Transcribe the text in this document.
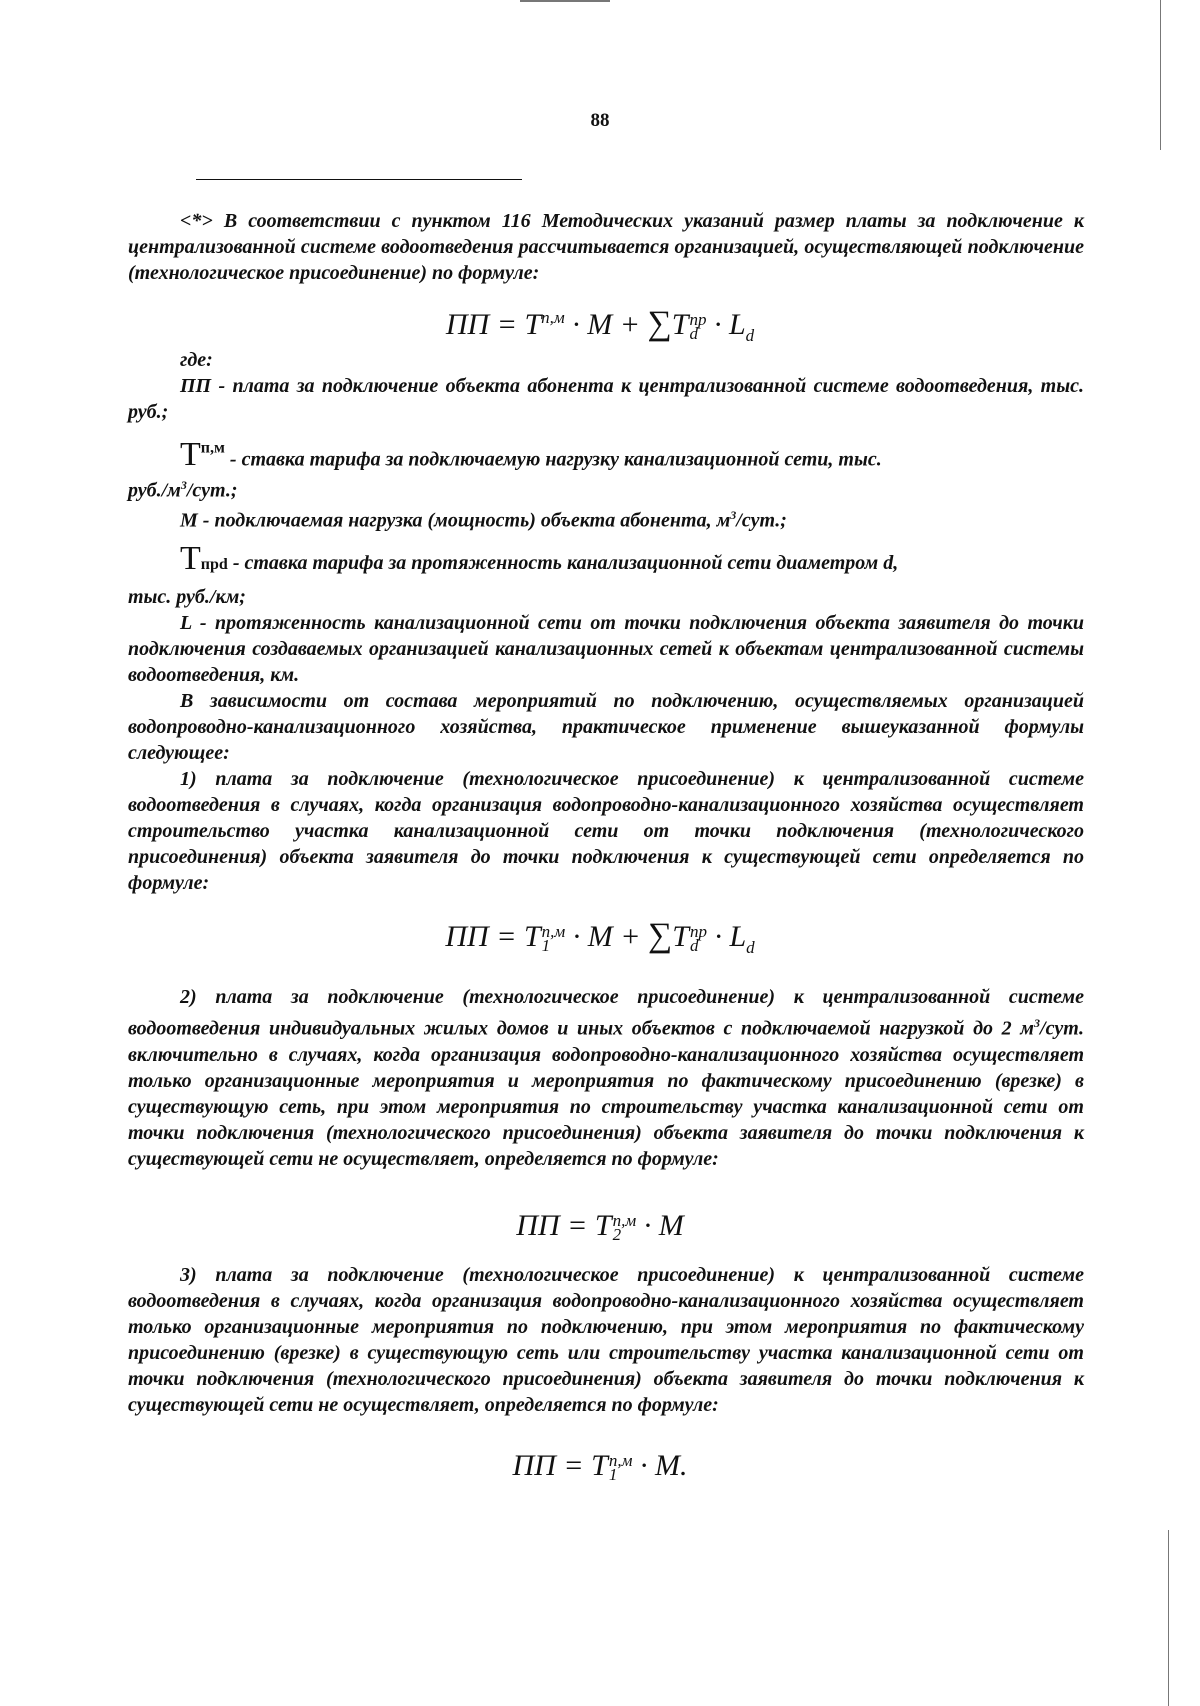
88
<*> В соответствии с пунктом 116 Методических указаний размер платы за подключение к централизованной системе водоотведения рассчитывается организацией, осуществляющей подключение (технологическое присоединение) по формуле:
ПП = $T^{п,м} \cdot M + \sum T$ пр
$d \cdot L_d$
где:
ПП - плата за подключение объекта абонента к централизованной системе водоотведения, тыс. руб.;
$Т^{п,м}$ - ставка тарифа за подключаемую нагрузку канализационной сети, тыс.
$руб./м^3$/сут.;
М - подключаемая нагрузка (мощность) объекта абонента, $м^3$/сут.;
Тпрd - ставка тарифа за протяженность канализационной сети диаметром d,
тыс. руб./км;
L - протяженность канализационной сети от точки подключения объекта заявителя до точки подключения создаваемых организацией канализационных сетей к объектам централизованной системы водоотведения, км.
В зависимости от состава мероприятий по подключению, осуществляемых организацией водопроводно-канализационного хозяйства, практическое применение вышеуказанной формулы следующее:
1) плата за подключение (технологическое присоединение) к централизованной системе водоотведения в случаях, когда организация водопроводно-канализационного хозяйства осуществляет строительство участка канализационной сети от точки подключения (технологического присоединения) объекта заявителя до точки подключения к существующей сети определяется по формуле:
ПП = T п,м
1 · M + ∑T пр
$d \cdot L_d$
2) плата за подключение (технологическое присоединение) к централизованной системе водоотведения индивидуальных жилых домов и иных объектов с подключаемой нагрузкой до 2 $м^3$/сут. включительно в случаях, когда организация водопроводно-канализационного хозяйства осуществляет только организационные мероприятия и мероприятия по фактическому присоединению (врезке) в существующую сеть, при этом мероприятия по строительству участка канализационной сети от точки подключения (технологического присоединения) объекта заявителя до точки подключения к существующей сети не осуществляет, определяется по формуле:
ПП = T п,м
2 · M
3) плата за подключение (технологическое присоединение) к централизованной системе водоотведения в случаях, когда организация водопроводно-канализационного хозяйства осуществляет только организационные мероприятия по подключению, при этом мероприятия по фактическому присоединению (врезке) в существующую сеть или строительству участка канализационной сети от точки подключения (технологического присоединения) объекта заявителя до точки подключения к существующей сети не осуществляет, определяется по формуле:
ПП = T п,м
1 · M.
